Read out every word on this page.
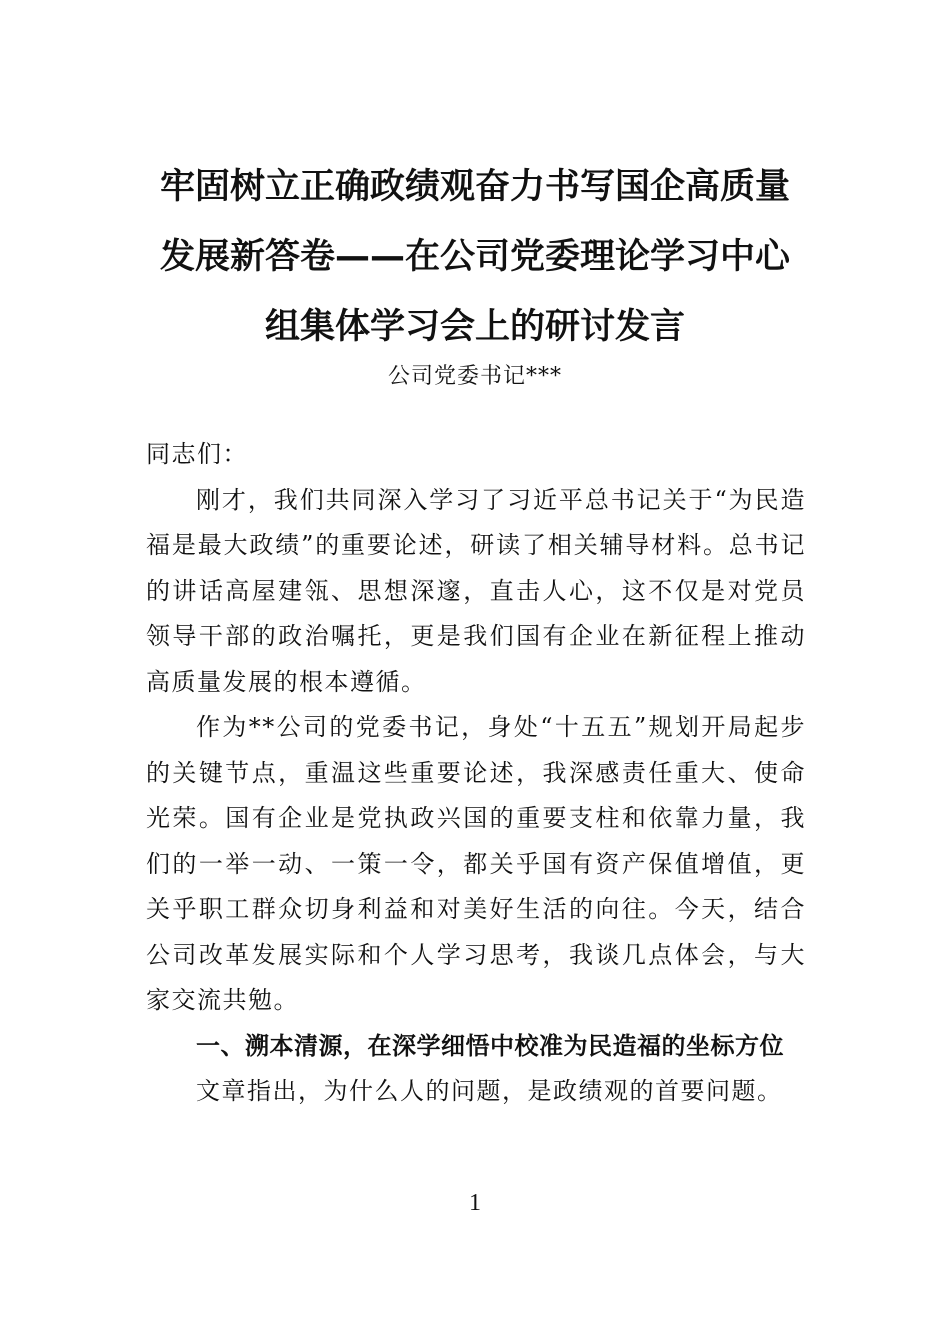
牢固树立正确政绩观奋力书写国企高质量
发展新答卷——在公司党委理论学习中心
组集体学习会上的研讨发言
公司党委书记***

同志们：

刚才，我们共同深入学习了习近平总书记关于“为民造福是最大政绩”的重要论述，研读了相关辅导材料。总书记的讲话高屋建瓴、思想深邃，直击人心，这不仅是对党员领导干部的政治嘱托，更是我们国有企业在新征程上推动高质量发展的根本遵循。

作为**公司的党委书记，身处“十五五”规划开局起步的关键节点，重温这些重要论述，我深感责任重大、使命光荣。国有企业是党执政兴国的重要支柱和依靠力量，我们的一举一动、一策一令，都关乎国有资产保值增值，更关乎职工群众切身利益和对美好生活的向往。今天，结合公司改革发展实际和个人学习思考，我谈几点体会，与大家交流共勉。

一、溯本清源，在深学细悟中校准为民造福的坐标方位

文章指出，为什么人的问题，是政绩观的首要问题。

1
